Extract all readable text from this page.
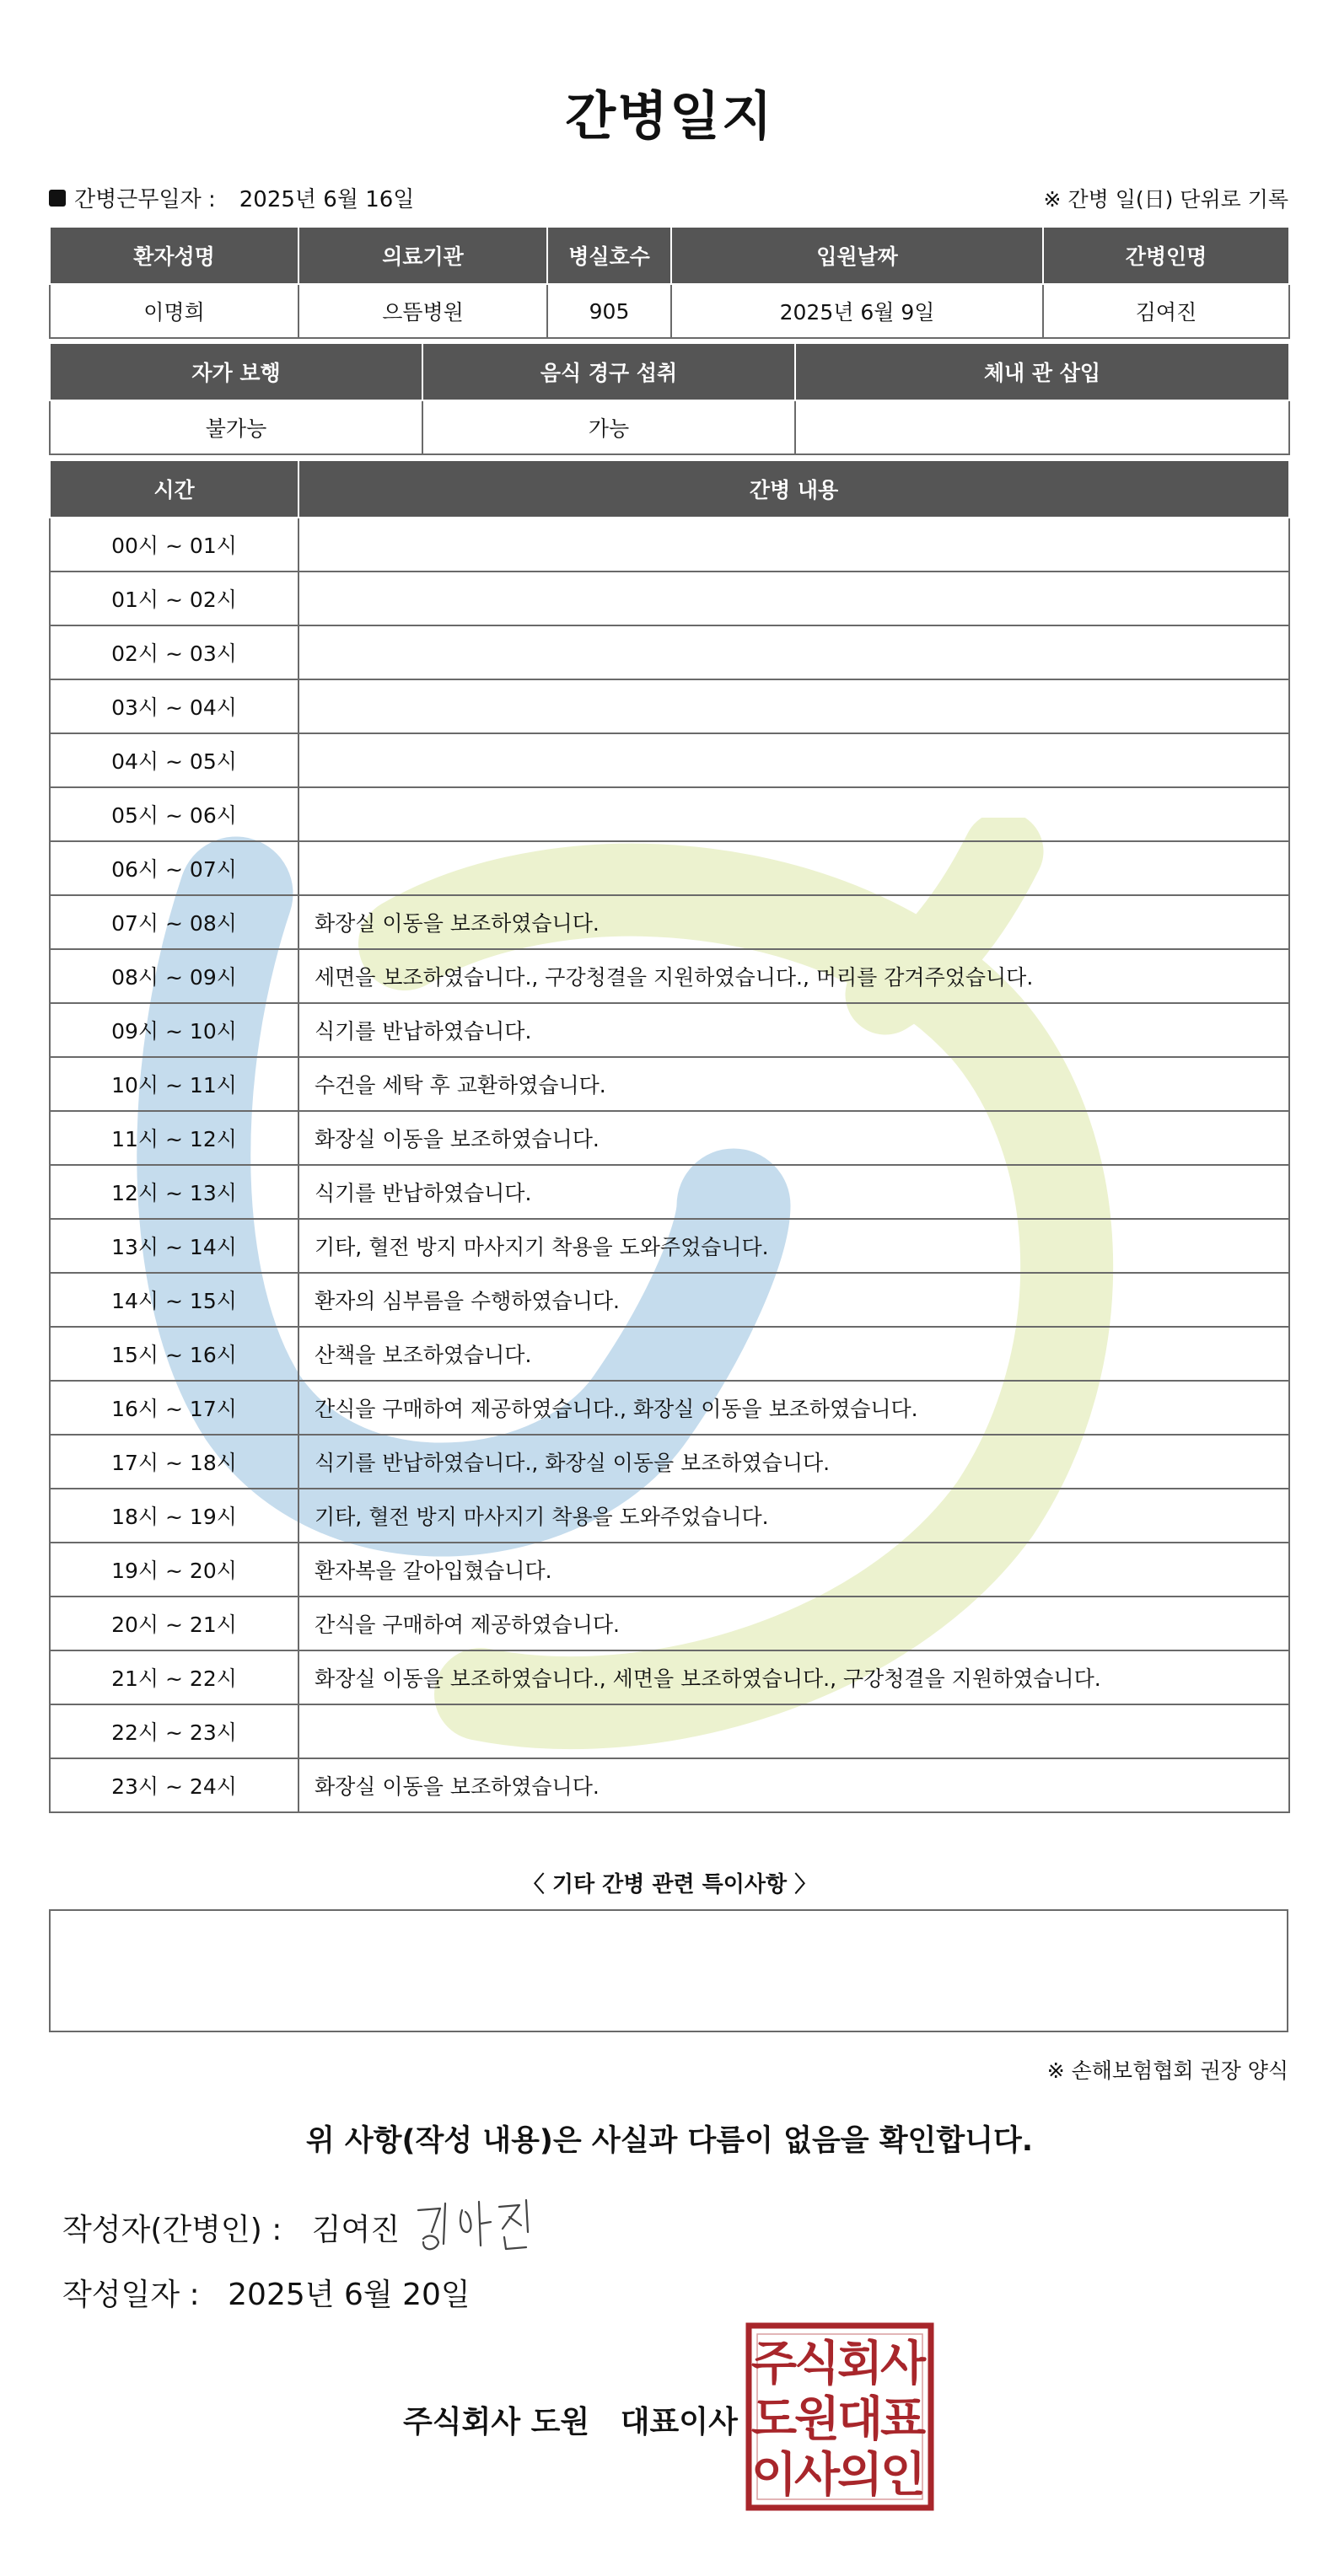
간병일지
간병근무일자 : 2025년 6월 16일	※ 간병 일(日) 단위로 기록
환자성명	의료기관	병실호수	입원날짜	간병인명
이명희	으뜸병원	905	2025년 6월 9일	김여진
자가 보행	음식 경구 섭취	체내 관 삽입
불가능	가능	
시간	간병 내용
00시 ~ 01시	
01시 ~ 02시	
02시 ~ 03시	
03시 ~ 04시	
04시 ~ 05시	
05시 ~ 06시	
06시 ~ 07시	
07시 ~ 08시	화장실 이동을 보조하였습니다.
08시 ~ 09시	세면을 보조하였습니다., 구강청결을 지원하였습니다., 머리를 감겨주었습니다.
09시 ~ 10시	식기를 반납하였습니다.
10시 ~ 11시	수건을 세탁 후 교환하였습니다.
11시 ~ 12시	화장실 이동을 보조하였습니다.
12시 ~ 13시	식기를 반납하였습니다.
13시 ~ 14시	기타, 혈전 방지 마사지기 착용을 도와주었습니다.
14시 ~ 15시	환자의 심부름을 수행하였습니다.
15시 ~ 16시	산책을 보조하였습니다.
16시 ~ 17시	간식을 구매하여 제공하였습니다., 화장실 이동을 보조하였습니다.
17시 ~ 18시	식기를 반납하였습니다., 화장실 이동을 보조하였습니다.
18시 ~ 19시	기타, 혈전 방지 마사지기 착용을 도와주었습니다.
19시 ~ 20시	환자복을 갈아입혔습니다.
20시 ~ 21시	간식을 구매하여 제공하였습니다.
21시 ~ 22시	화장실 이동을 보조하였습니다., 세면을 보조하였습니다., 구강청결을 지원하였습니다.
22시 ~ 23시	
23시 ~ 24시	화장실 이동을 보조하였습니다.
〈 기타 간병 관련 특이사항 〉
※ 손해보험협회 권장 양식
위 사항(작성 내용)은 사실과 다름이 없음을 확인합니다.
작성자(간병인) : 김여진
작성일자 : 2025년 6월 20일
주식회사 도원 대표이사
주
식
회
사
도
원
대
표
이
사
의
인
